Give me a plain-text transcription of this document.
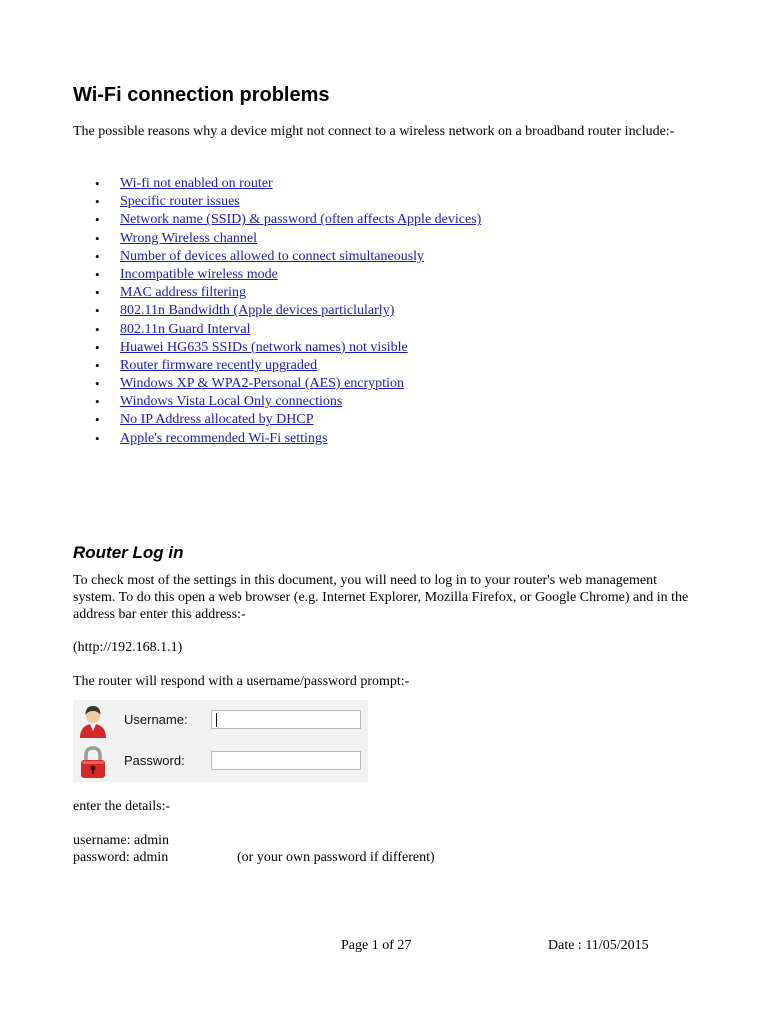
Wi-Fi connection problems

The possible reasons why a device might not connect to a wireless network on a broadband router include:-

• Wi-fi not enabled on router
• Specific router issues
• Network name (SSID) & password (often affects Apple devices)
• Wrong Wireless channel
• Number of devices allowed to connect simultaneously
• Incompatible wireless mode
• MAC address filtering
• 802.11n Bandwidth (Apple devices particlularly)
• 802.11n Guard Interval
• Huawei HG635 SSIDs (network names) not visible
• Router firmware recently upgraded
• Windows XP & WPA2-Personal (AES) encryption
• Windows Vista Local Only connections
• No IP Address allocated by DHCP
• Apple's recommended Wi-Fi settings
Router Log in

To check most of the settings in this document, you will need to log in to your router's web management system. To do this open a web browser (e.g. Internet Explorer, Mozilla Firefox, or Google Chrome) and in the address bar enter this address:-

(http://192.168.1.1)

The router will respond with a username/password prompt:-

Username:
Password:

enter the details:-

username: admin

password: admin	(or your own password if different)
Page 1 of 27	Date : 11/05/2015
